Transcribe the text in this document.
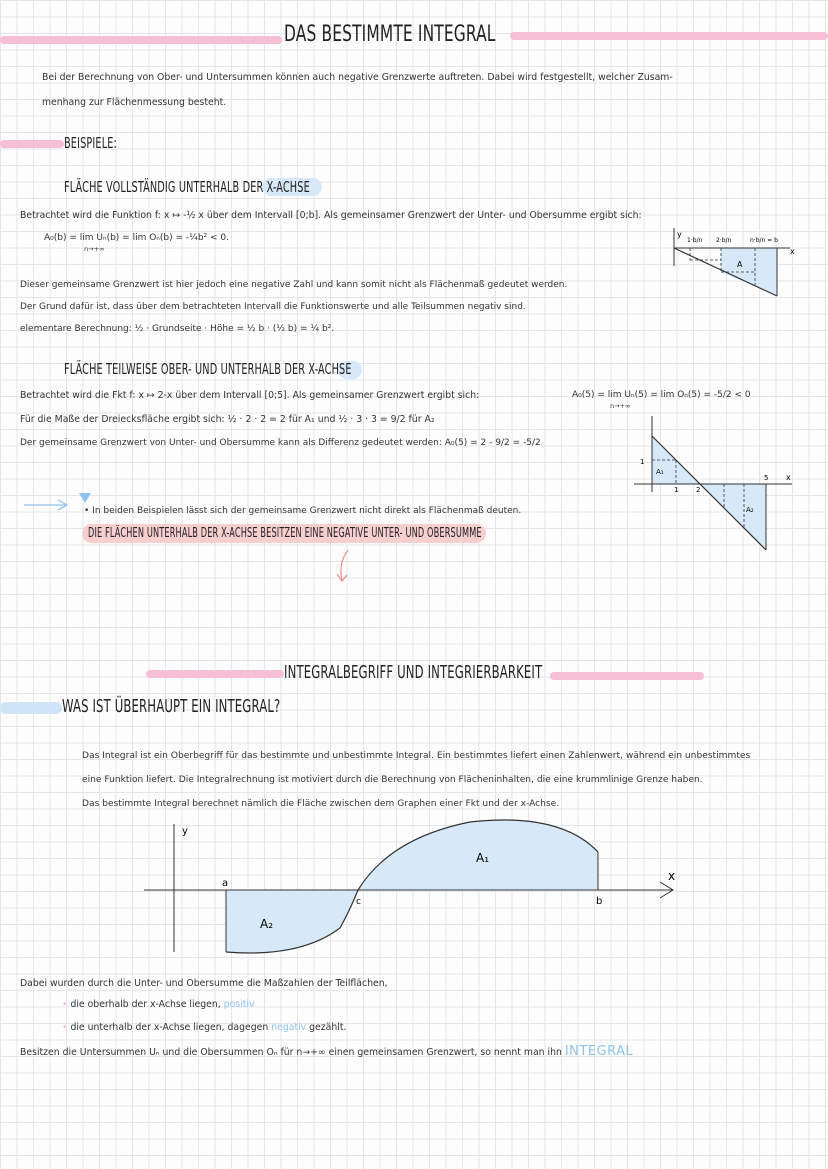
DAS BESTIMMTE INTEGRAL
Bei der Berechnung von Ober- und Untersummen können auch negative Grenzwerte auftreten. Dabei wird festgestellt, welcher Zusam-
menhang zur Flächenmessung besteht.
BEISPIELE:
FLÄCHE VOLLSTÄNDIG UNTERHALB DER X-ACHSE
Betrachtet wird die Funktion f: x ↦ -½ x über dem Intervall [0;b]. Als gemeinsamer Grenzwert der Unter- und Obersumme ergibt sich:
A₀(b) = lim Uₙ(b) = lim Oₙ(b) = -¼b² < 0.
n→+∞
Dieser gemeinsame Grenzwert ist hier jedoch eine negative Zahl und kann somit nicht als Flächenmaß gedeutet werden.
Der Grund dafür ist, dass über dem betrachteten Intervall die Funktionswerte und alle Teilsummen negativ sind.
elementare Berechnung: ½ · Grundseite · Höhe = ½ b · (½ b) = ¼ b².
y
x
1·b/n 2·b/n	n·b/n = b
A
FLÄCHE TEILWEISE OBER- UND UNTERHALB DER X-ACHSE
Betrachtet wird die Fkt f: x ↦ 2-x über dem Intervall [0;5]. Als gemeinsamer Grenzwert ergibt sich:	A₀(5) = lim Uₙ(5) = lim Oₙ(5) = -5/2 < 0
n→+∞
Für die Maße der Dreiecksfläche ergibt sich: ½ · 2 · 2 = 2 für A₁ und ½ · 3 · 3 = 9/2 für A₂
Der gemeinsame Grenzwert von Unter- und Obersumme kann als Differenz gedeutet werden: A₀(5) = 2 - 9/2 = -5/2
1
1	2
5 x
A₁
A₂
• In beiden Beispielen lässt sich der gemeinsame Grenzwert nicht direkt als Flächenmaß deuten.
DIE FLÄCHEN UNTERHALB DER X-ACHSE BESITZEN EINE NEGATIVE UNTER- UND OBERSUMME
INTEGRALBEGRIFF UND INTEGRIERBARKEIT
WAS IST ÜBERHAUPT EIN INTEGRAL?
Das Integral ist ein Oberbegriff für das bestimmte und unbestimmte Integral. Ein bestimmtes liefert einen Zahlenwert, während ein unbestimmtes
eine Funktion liefert. Die Integralrechnung ist motiviert durch die Berechnung von Flächeninhalten, die eine krummlinige Grenze haben.
Das bestimmte Integral berechnet nämlich die Fläche zwischen dem Graphen einer Fkt und der x-Achse.
y
x
a
b
c
A₁
A₂
Dabei wurden durch die Unter- und Obersumme die Maßzahlen der Teilflächen,
• die oberhalb der x-Achse liegen, positiv
• die unterhalb der x-Achse liegen, dagegen negativ gezählt.
Besitzen die Untersummen Uₙ und die Obersummen Oₙ für n→+∞ einen gemeinsamen Grenzwert, so nennt man ihn INTEGRAL
